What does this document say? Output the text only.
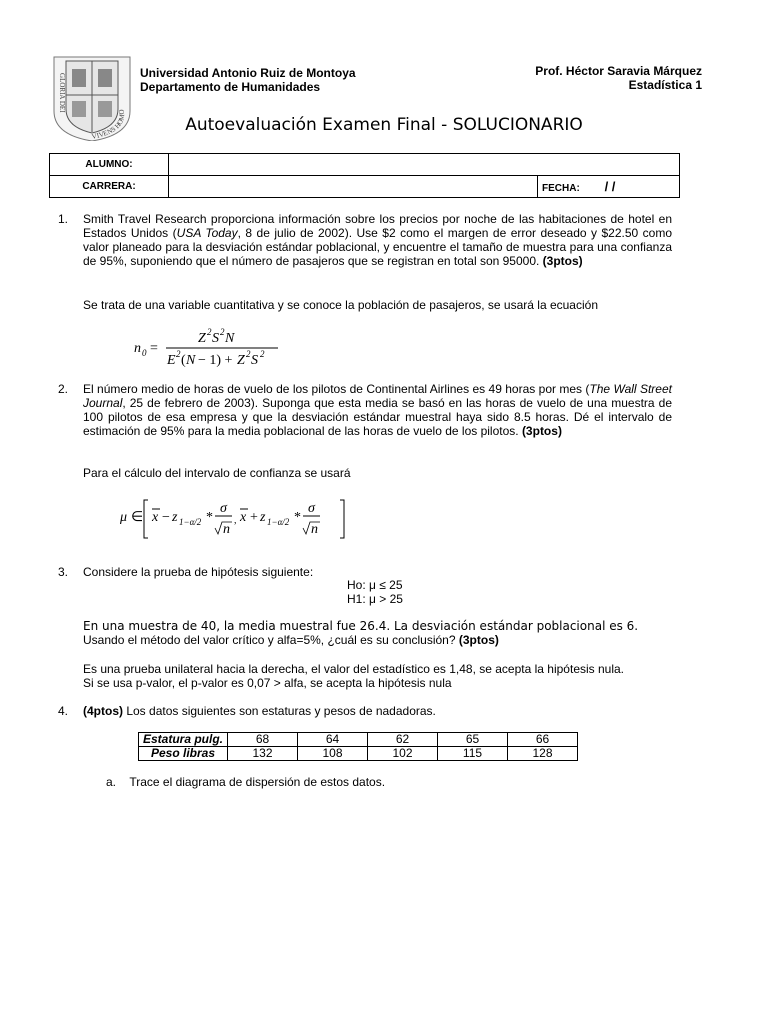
GLORIA DEI
VIVENS HOMO
Universidad Antonio Ruiz de Montoya
Departamento de Humanidades
Prof. Héctor Saravia Márquez
Estadística 1
Autoevaluación Examen Final - SOLUCIONARIO
ALUMNO:		
CARRERA:		FECHA: / /
1. Smith Travel Research proporciona información sobre los precios por noche de las habitaciones de hotel en Estados Unidos (USA Today, 8 de julio de 2002). Use $2 como el margen de error deseado y $22.50 como valor planeado para la desviación estándar poblacional, y encuentre el tamaño de muestra para una confianza de 95%, suponiendo que el número de pasajeros que se registran en total son 95000. (3ptos)
Se trata de una variable cuantitativa y se conoce la población de pasajeros, se usará la ecuación
n 0 =
Z 2 S 2 N
E 2 ( N − 1) + Z 2 S 2
2. El número medio de horas de vuelo de los pilotos de Continental Airlines es 49 horas por mes (The Wall Street Journal, 25 de febrero de 2003). Suponga que esta media se basó en las horas de vuelo de una muestra de 100 pilotos de esa empresa y que la desviación estándar muestral haya sido 8.5 horas. Dé el intervalo de estimación de 95% para la media poblacional de las horas de vuelo de los pilotos. (3ptos)
Para el cálculo del intervalo de confianza se usará
μ ∈ x − z 1−α/2 *
σ
n
, x + z 1−α/2 *
σ
n
3. Considere la prueba de hipótesis siguiente:
Ho: μ ≤ 25
H1: μ > 25
En una muestra de 40, la media muestral fue 26.4. La desviación estándar poblacional es 6.
Usando el método del valor crítico y alfa=5%, ¿cuál es su conclusión? (3ptos)
Es una prueba unilateral hacia la derecha, el valor del estadístico es 1,48, se acepta la hipótesis nula.
Si se usa p-valor, el p-valor es 0,07 > alfa, se acepta la hipótesis nula
4. (4ptos) Los datos siguientes son estaturas y pesos de nadadoras.
Estatura pulg.	68	64	62	65	66
Peso libras	132	108	102	115	128
a. Trace el diagrama de dispersión de estos datos.
